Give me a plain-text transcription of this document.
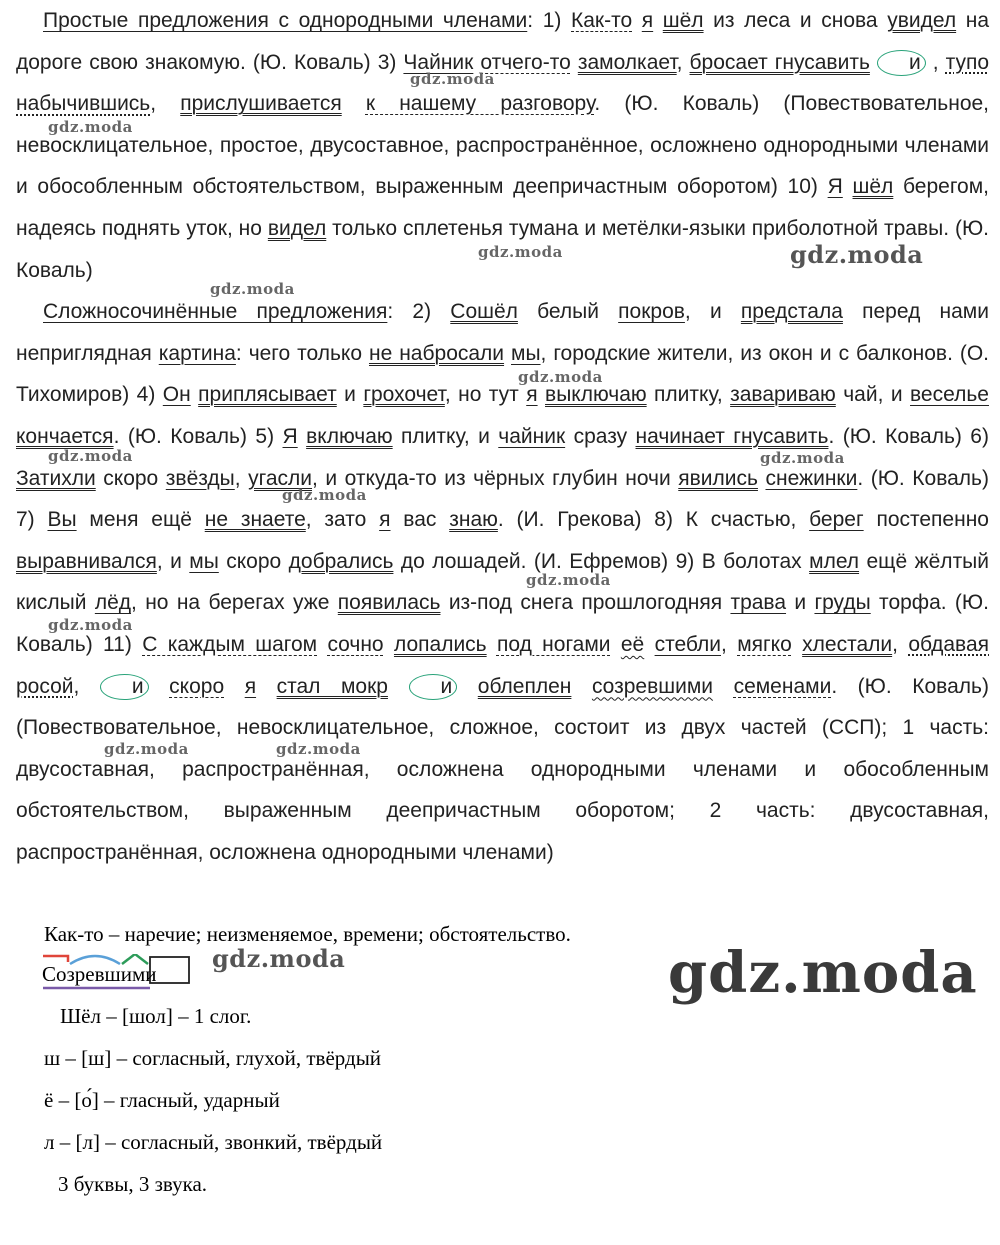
Простые предложения с однородными членами: 1) Как-то я шёл из леса и снова увидел на дороге свою знакомую. (Ю. Коваль) 3) Чайник отчего-то замолкает, бросает гнусавить и , тупо набычившись, прислушивается к нашему разговору. (Ю. Коваль) (Повествовательное, невосклицательное, простое, двусоставное, распространённое, осложнено однородными членами и обособленным обстоятельством, выраженным деепричастным оборотом) 10) Я шёл берегом, надеясь поднять уток, но видел только сплетенья тумана и метёлки-языки приболотной травы. (Ю. Коваль)

Сложносочинённые предложения: 2) Сошёл белый покров, и предстала перед нами неприглядная картина: чего только не набросали мы, городские жители, из окон и с балконов. (О. Тихомиров) 4) Он приплясывает и грохочет, но тут я выключаю плитку, завариваю чай, и веселье кончается. (Ю. Коваль) 5) Я включаю плитку, и чайник сразу начинает гнусавить. (Ю. Коваль) 6) Затихли скоро звёзды, угасли, и откуда-то из чёрных глубин ночи явились снежинки. (Ю. Коваль) 7) Вы меня ещё не знаете, зато я вас знаю. (И. Грекова) 8) К счастью, берег постепенно выравнивался, и мы скоро добрались до лошадей. (И. Ефремов) 9) В болотах млел ещё жёлтый кислый лёд, но на берегах уже появилась из-под снега прошлогодняя трава и груды торфа. (Ю. Коваль) 11) С каждым шагом сочно лопались под ногами её стебли, мягко хлестали, обдавая росой, и скоро я стал мокр	и облеплен созревшими семенами. (Ю. Коваль) (Повествовательное, невосклицательное, сложное, состоит из двух частей (ССП); 1 часть: двусоставная, распространённая, осложнена однородными членами и обособленным обстоятельством, выраженным деепричастным оборотом; 2 часть: двусоставная, распространённая, осложнена однородными членами)

Как-то – наречие; неизменяемое, времени; обстоятельство.
Созревшими
Шёл – [шол] – 1 слог.
ш – [ш] – согласный, глухой, твёрдый
ё – [о́] – гласный, ударный
л – [л] – согласный, звонкий, твёрдый
3 буквы, 3 звука.
gdz.moda
gdz.moda
gdz.moda	gdz.moda
gdz.moda
gdz.moda
gdz.moda	gdz.moda
gdz.moda
gdz.moda
gdz.moda
gdz.moda	gdz.moda
gdz.moda	gdz.moda
